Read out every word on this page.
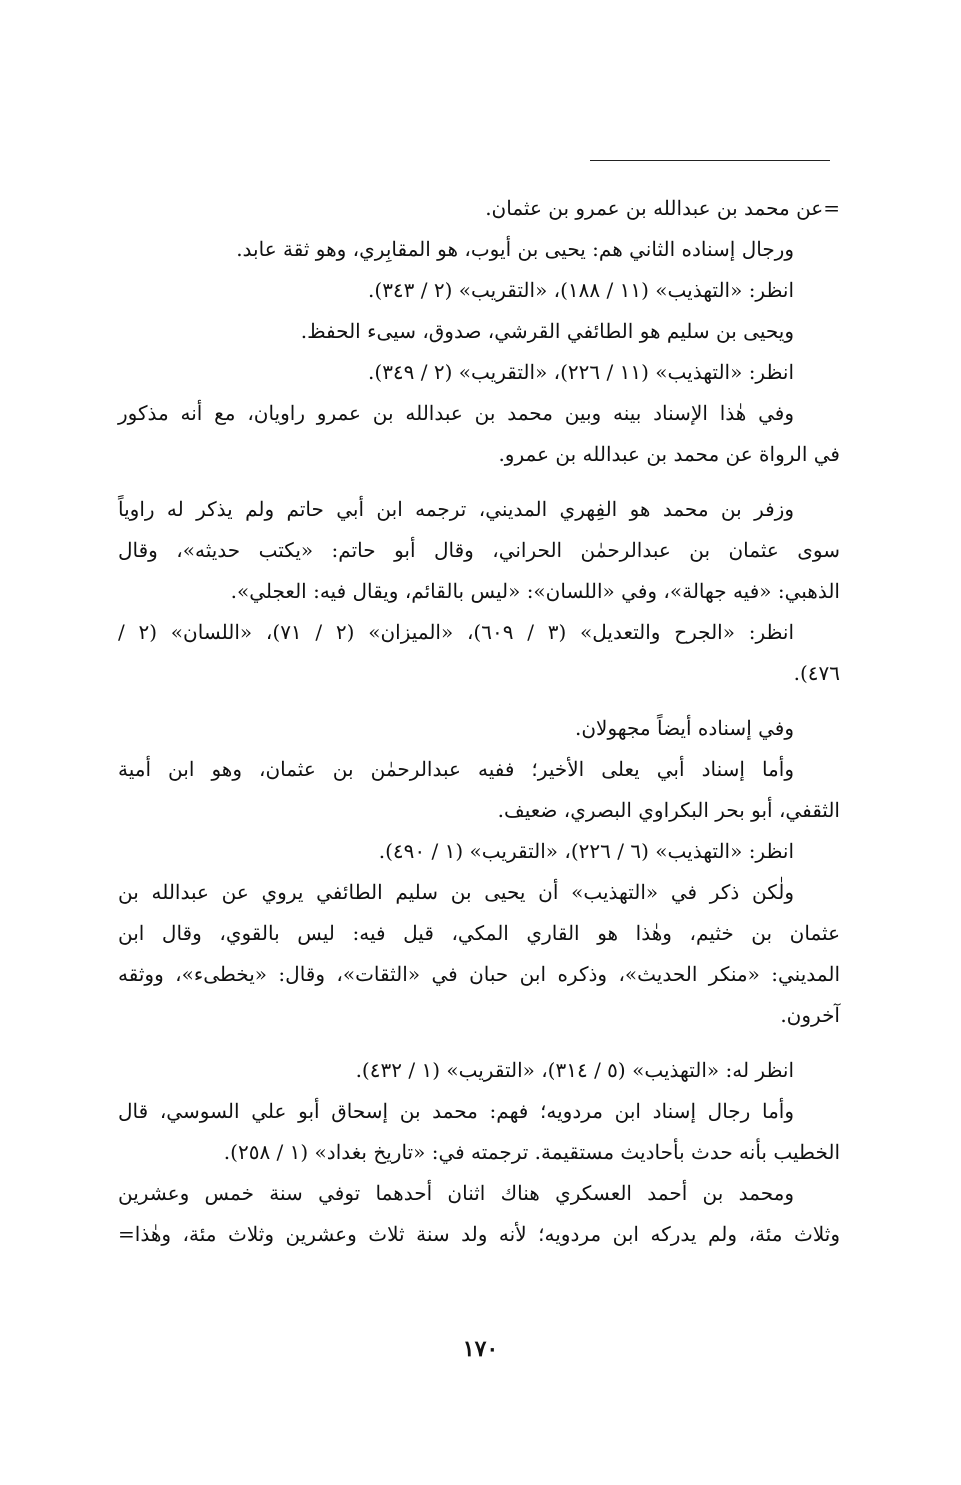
=عن محمد بن عبدالله بن عمرو بن عثمان.
ورجال إسناده الثاني هم: يحيى بن أيوب، هو المقابِري، وهو ثقة عابد.
انظر: «التهذيب» (١١ / ١٨٨)، «التقريب» (٢ / ٣٤٣).
ويحيى بن سليم هو الطائفي القرشي، صدوق، سيىء الحفظ.
انظر: «التهذيب» (١١ / ٢٢٦)، «التقريب» (٢ / ٣٤٩).
وفي هٰذا الإسناد بينه وبين محمد بن عبدالله بن عمرو راويان، مع أنه مذكور
في الرواة عن محمد بن عبدالله بن عمرو.
وزفر بن محمد هو الفِهري المديني، ترجمه ابن أبي حاتم ولم يذكر له راوياً
سوى عثمان بن عبدالرحمٰن الحراني، وقال أبو حاتم: «يكتب حديثه»، وقال
الذهبي: «فيه جهالة»، وفي «اللسان»: «ليس بالقائم، ويقال فيه: العجلي».
انظر: «الجرح والتعديل» (٣ / ٦٠٩)، «الميزان» (٢ / ٧١)، «اللسان» (٢ /
٤٧٦).
وفي إسناده أيضاً مجهولان.
وأما إسناد أبي يعلى الأخير؛ ففيه عبدالرحمٰن بن عثمان، وهو ابن أمية
الثقفي، أبو بحر البكراوي البصري، ضعيف.
انظر: «التهذيب» (٦ / ٢٢٦)، «التقريب» (١ / ٤٩٠).
ولٰكن ذكر في «التهذيب» أن يحيى بن سليم الطائفي يروي عن عبدالله بن
عثمان بن خثيم، وهٰذا هو القاري المكي، قيل فيه: ليس بالقوي، وقال ابن
المديني: «منكر الحديث»، وذكره ابن حبان في «الثقات»، وقال: «يخطىء»، ووثقه
آخرون.
انظر له: «التهذيب» (٥ / ٣١٤)، «التقريب» (١ / ٤٣٢).
وأما رجال إسناد ابن مردويه؛ فهم: محمد بن إسحاق أبو علي السوسي، قال
الخطيب بأنه حدث بأحاديث مستقيمة. ترجمته في: «تاريخ بغداد» (١ / ٢٥٨).
ومحمد بن أحمد العسكري هناك اثنان أحدهما توفي سنة خمس وعشرين
وثلاث مئة، ولم يدركه ابن مردويه؛ لأنه ولد سنة ثلاث وعشرين وثلاث مئة، وهٰذا=
١٧٠
